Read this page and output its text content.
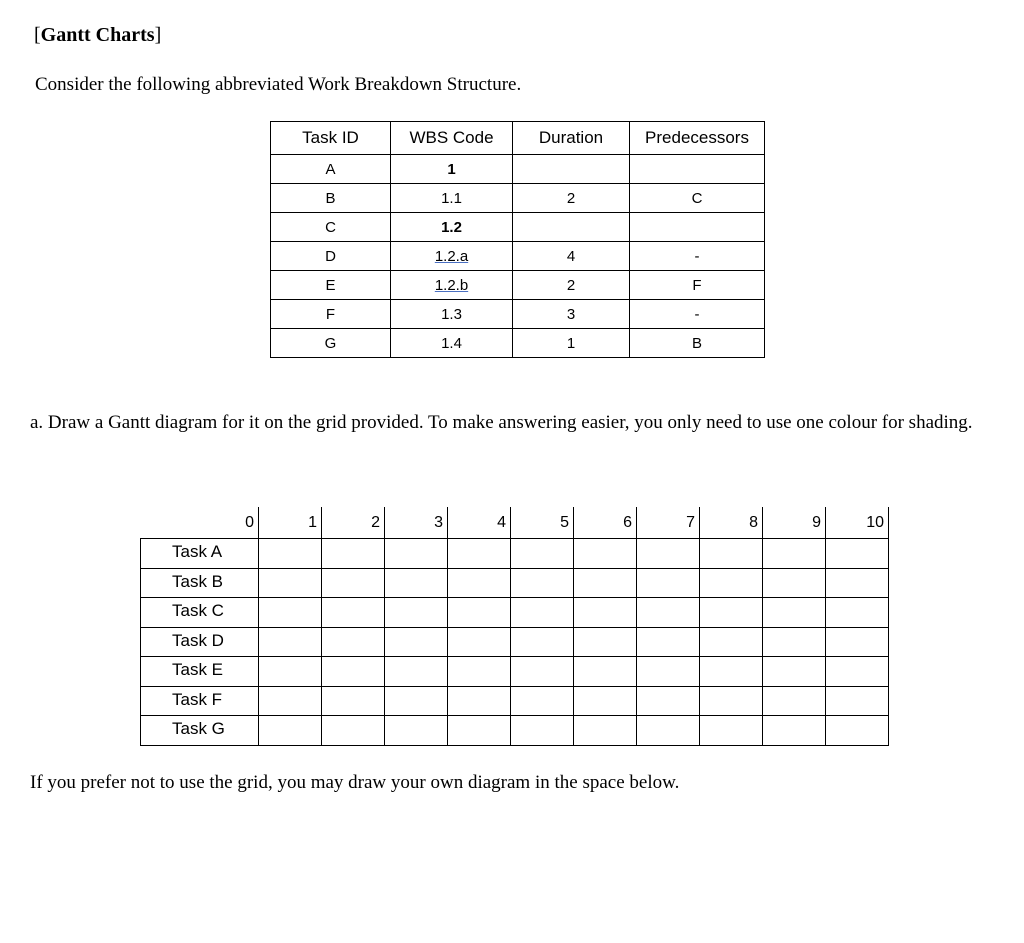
[Gantt Charts]
Consider the following abbreviated Work Breakdown Structure.
Task ID	WBS Code	Duration	Predecessors
A	1		
B	1.1	2	C
C	1.2		
D	1.2.a	4	-
E	1.2.b	2	F
F	1.3	3	-
G	1.4	1	B
a. Draw a Gantt diagram for it on the grid provided. To make answering easier, you only need to use one colour for shading.
0	1	2	3	4	5	6	7	8	9	10
Task A
Task B
Task C
Task D
Task E
Task F
Task G
If you prefer not to use the grid, you may draw your own diagram in the space below.
